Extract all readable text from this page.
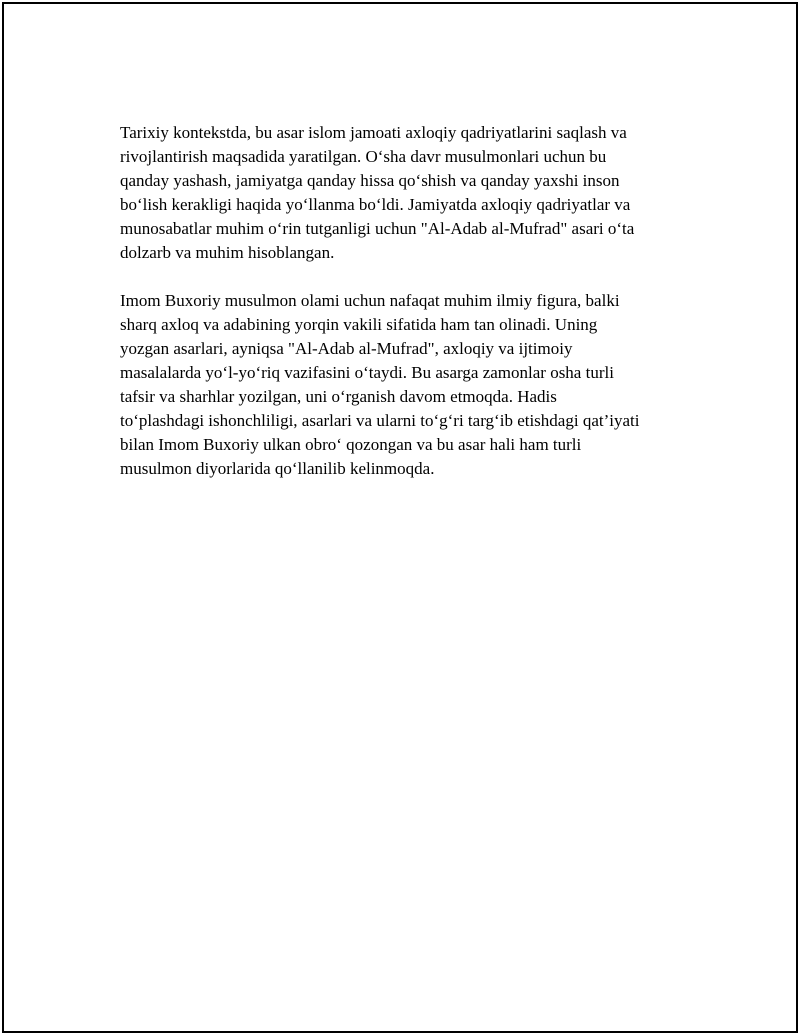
Tarixiy kontekstda, bu asar islom jamoati axloqiy qadriyatlarini saqlash va
rivojlantirish maqsadida yaratilgan. O‘sha davr musulmonlari uchun bu
qanday yashash, jamiyatga qanday hissa qo‘shish va qanday yaxshi inson
bo‘lish kerakligi haqida yo‘llanma bo‘ldi. Jamiyatda axloqiy qadriyatlar va
munosabatlar muhim o‘rin tutganligi uchun "Al-Adab al-Mufrad" asari o‘ta
dolzarb va muhim hisoblangan.

Imom Buxoriy musulmon olami uchun nafaqat muhim ilmiy figura, balki
sharq axloq va adabining yorqin vakili sifatida ham tan olinadi. Uning
yozgan asarlari, ayniqsa "Al-Adab al-Mufrad", axloqiy va ijtimoiy
masalalarda yo‘l-yo‘riq vazifasini o‘taydi. Bu asarga zamonlar osha turli
tafsir va sharhlar yozilgan, uni o‘rganish davom etmoqda. Hadis
to‘plashdagi ishonchliligi, asarlari va ularni to‘g‘ri targ‘ib etishdagi qat’iyati
bilan Imom Buxoriy ulkan obro‘ qozongan va bu asar hali ham turli
musulmon diyorlarida qo‘llanilib kelinmoqda.
